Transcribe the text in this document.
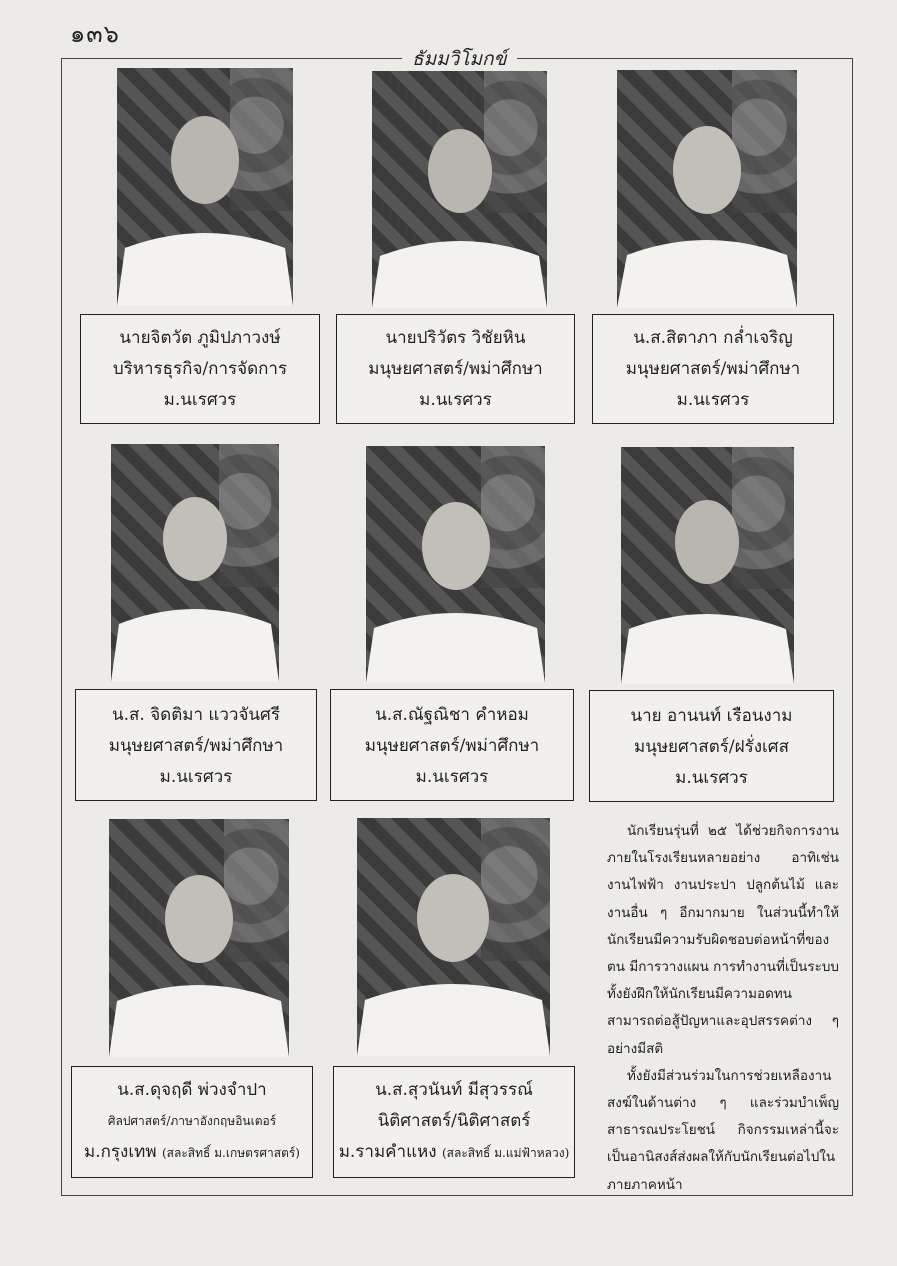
๑๓๖
ธัมมวิโมกข์
นายจิตวัต ภูมิปภาวงษ์
บริหารธุรกิจ/การจัดการ
ม.นเรศวร
นายปริวัตร วิชัยหิน
มนุษยศาสตร์/พม่าศึกษา
ม.นเรศวร
น.ส.สิตาภา กล่ำเจริญ
มนุษยศาสตร์/พม่าศึกษา
ม.นเรศวร
น.ส. จิดติมา แววจันศรี
มนุษยศาสตร์/พม่าศึกษา
ม.นเรศวร
น.ส.ณัฐณิชา คำหอม
มนุษยศาสตร์/พม่าศึกษา
ม.นเรศวร
นาย อานนท์ เรือนงาม
มนุษยศาสตร์/ฝรั่งเศส
ม.นเรศวร
น.ส.ดุจฤดี พ่วงจำปา
ศิลปศาสตร์/ภาษาอังกฤษอินเตอร์
ม.กรุงเทพ (สละสิทธิ์ ม.เกษตรศาสตร์)
น.ส.สุวนันท์ มีสุวรรณ์
นิติศาสตร์/นิติศาสตร์
ม.รามคำแหง (สละสิทธิ์ ม.แม่ฟ้าหลวง)

นักเรียนรุ่นที่ ๒๕ ได้ช่วยกิจการงานภายในโรงเรียนหลายอย่าง อาทิเช่น งานไฟฟ้า งานประปา ปลูกต้นไม้ และงานอื่น ๆ อีกมากมาย ในส่วนนี้ทำให้นักเรียนมีความรับผิดชอบต่อหน้าที่ของตน มีการวางแผน การทำงานที่เป็นระบบ ทั้งยังฝึกให้นักเรียนมีความอดทนสามารถต่อสู้ปัญหาและอุปสรรคต่าง ๆ อย่างมีสติ

ทั้งยังมีส่วนร่วมในการช่วยเหลืองานสงฆ์ในด้านต่าง ๆ และร่วมบำเพ็ญสาธารณประโยชน์ กิจกรรมเหล่านี้จะเป็นอานิสงส์ส่งผลให้กับนักเรียนต่อไปในภายภาคหน้า
